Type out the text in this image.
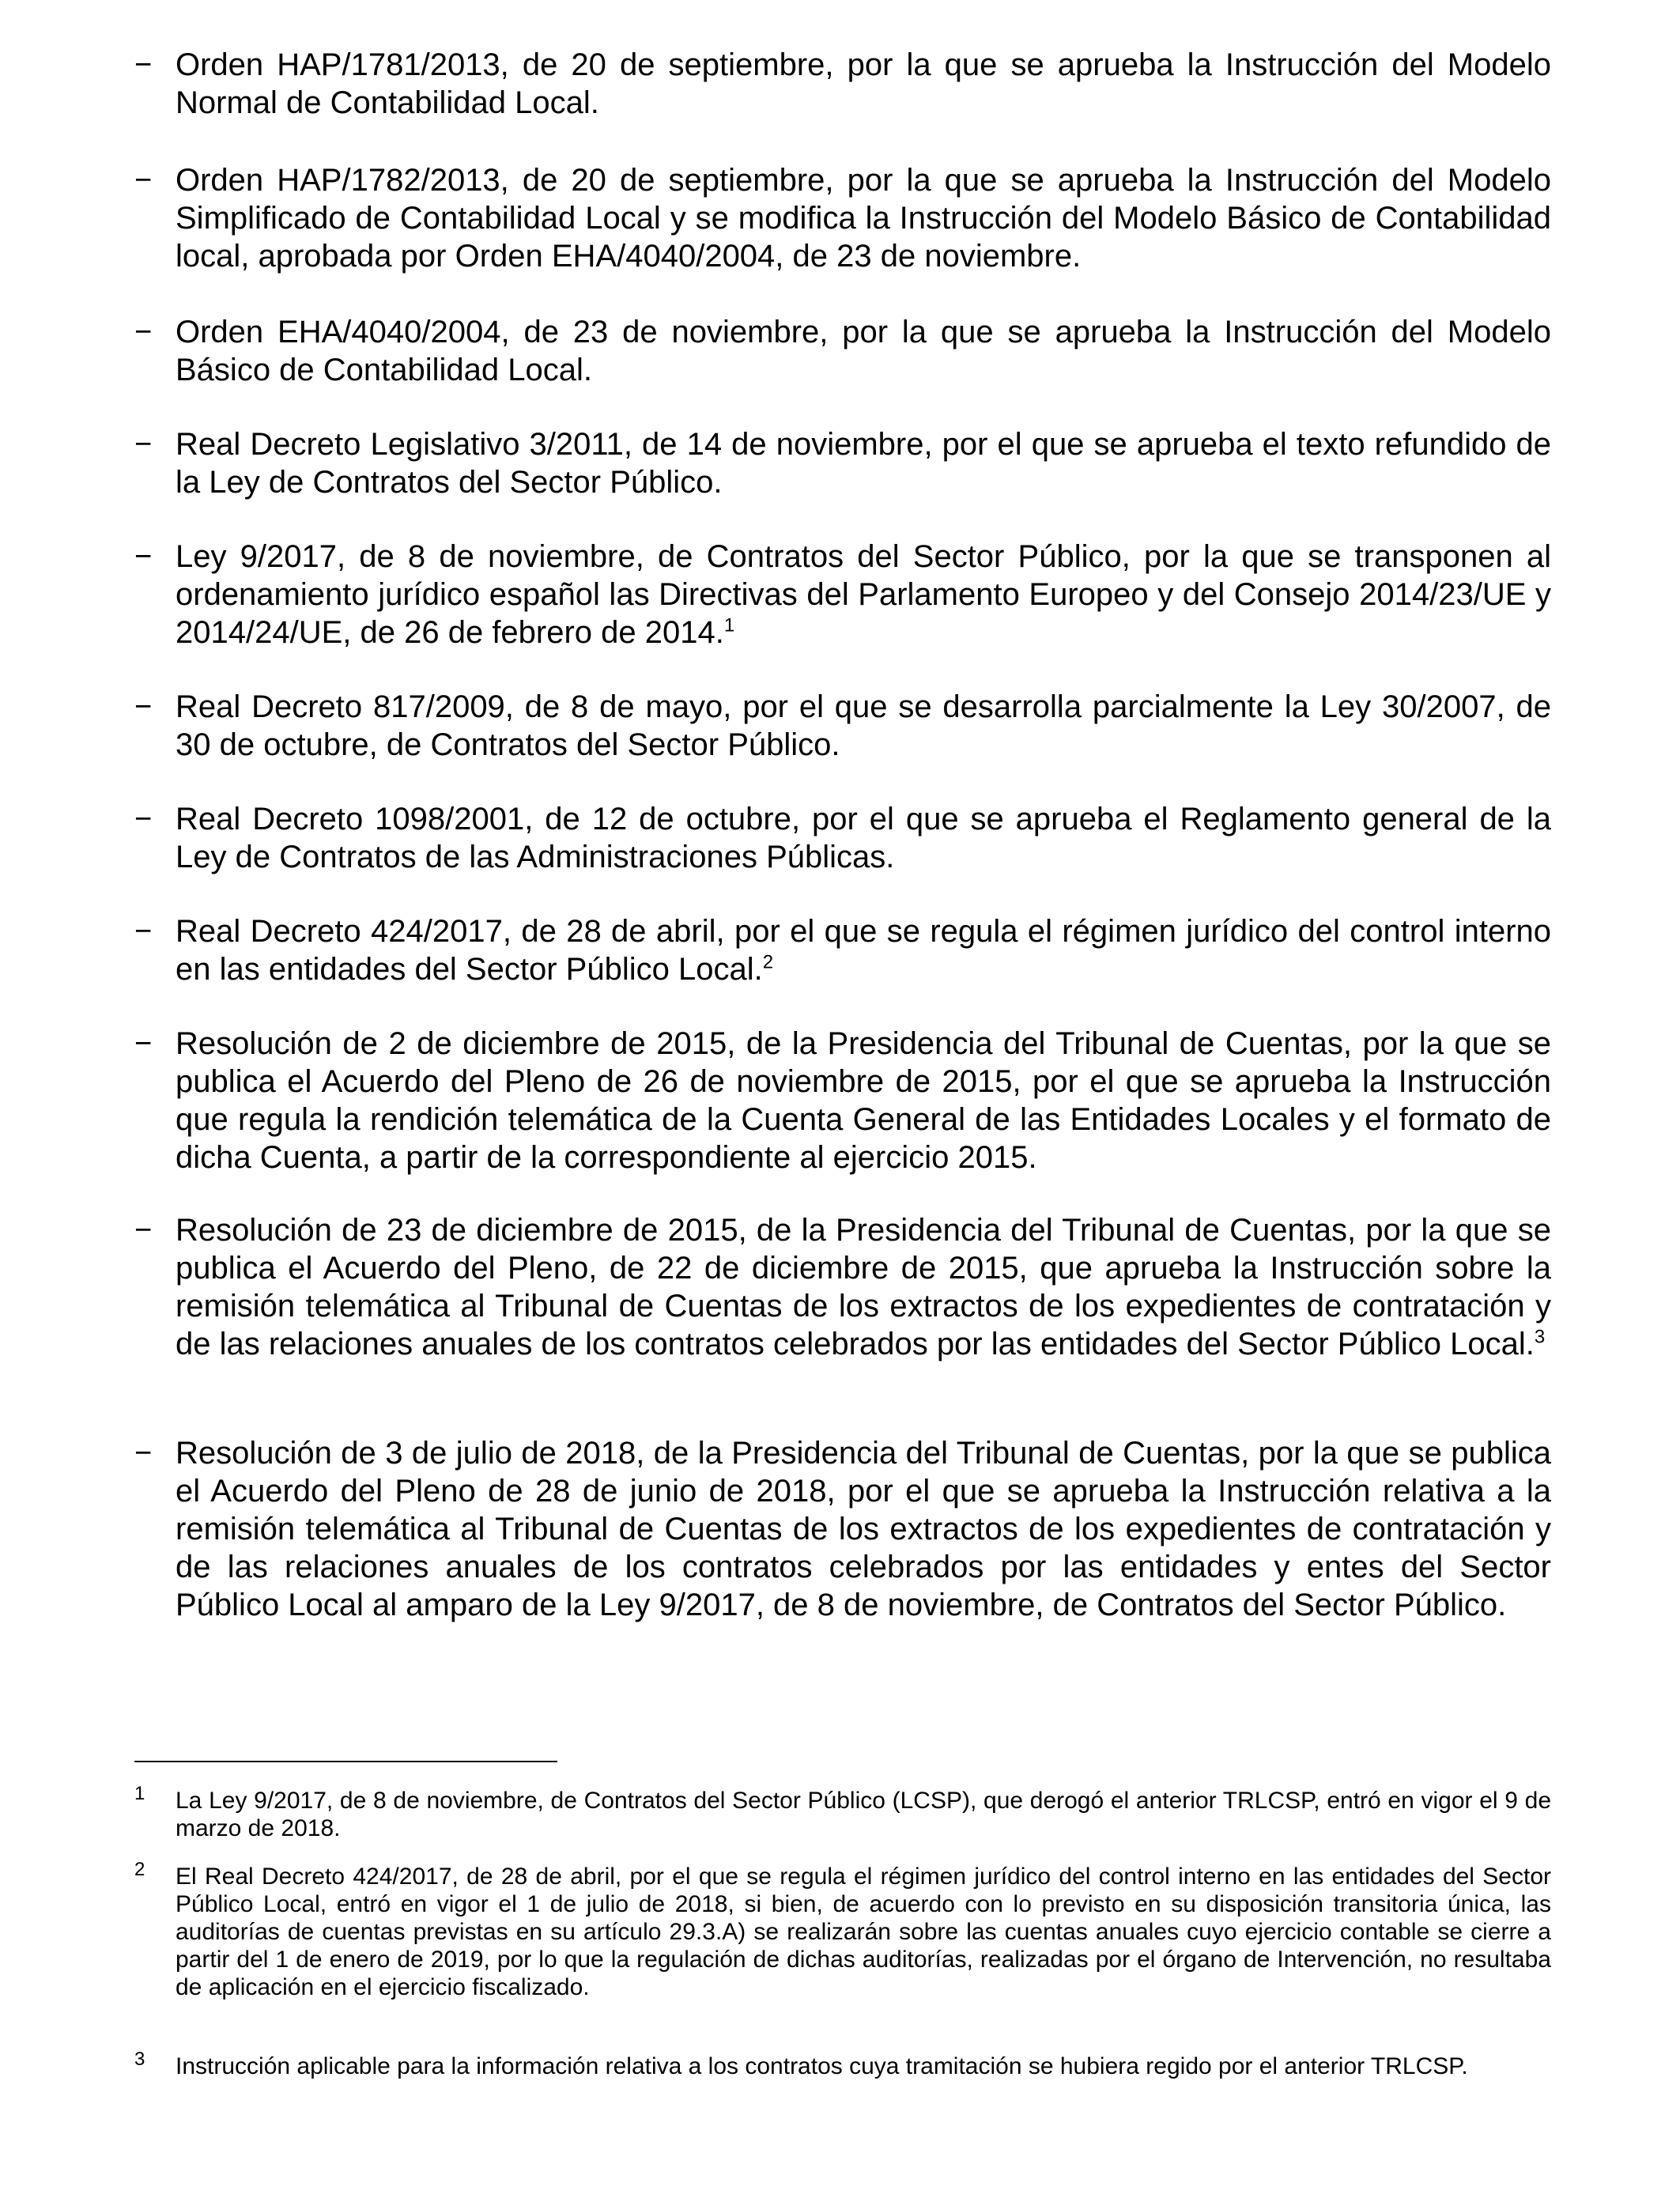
− Orden HAP/1781/2013, de 20 de septiembre, por la que se aprueba la Instrucción del Modelo Normal de Contabilidad Local.
− Orden HAP/1782/2013, de 20 de septiembre, por la que se aprueba la Instrucción del Modelo Simplificado de Contabilidad Local y se modifica la Instrucción del Modelo Básico de Contabilidad local, aprobada por Orden EHA/4040/2004, de 23 de noviembre.
− Orden EHA/4040/2004, de 23 de noviembre, por la que se aprueba la Instrucción del Modelo Básico de Contabilidad Local.
− Real Decreto Legislativo 3/2011, de 14 de noviembre, por el que se aprueba el texto refundido de la Ley de Contratos del Sector Público.
− Ley 9/2017, de 8 de noviembre, de Contratos del Sector Público, por la que se transponen al ordenamiento jurídico español las Directivas del Parlamento Europeo y del Consejo 2014/23/UE y 2014/24/UE, de 26 de febrero de 2014.$^1$
− Real Decreto 817/2009, de 8 de mayo, por el que se desarrolla parcialmente la Ley 30/2007, de 30 de octubre, de Contratos del Sector Público.
− Real Decreto 1098/2001, de 12 de octubre, por el que se aprueba el Reglamento general de la Ley de Contratos de las Administraciones Públicas.
− Real Decreto 424/2017, de 28 de abril, por el que se regula el régimen jurídico del control interno en las entidades del Sector Público Local.$^2$
− Resolución de 2 de diciembre de 2015, de la Presidencia del Tribunal de Cuentas, por la que se publica el Acuerdo del Pleno de 26 de noviembre de 2015, por el que se aprueba la Instrucción que regula la rendición telemática de la Cuenta General de las Entidades Locales y el formato de dicha Cuenta, a partir de la correspondiente al ejercicio 2015.
− Resolución de 23 de diciembre de 2015, de la Presidencia del Tribunal de Cuentas, por la que se publica el Acuerdo del Pleno, de 22 de diciembre de 2015, que aprueba la Instrucción sobre la remisión telemática al Tribunal de Cuentas de los extractos de los expedientes de contratación y de las relaciones anuales de los contratos celebrados por las entidades del Sector Público Local.$^3$
− Resolución de 3 de julio de 2018, de la Presidencia del Tribunal de Cuentas, por la que se publica el Acuerdo del Pleno de 28 de junio de 2018, por el que se aprueba la Instrucción relativa a la remisión telemática al Tribunal de Cuentas de los extractos de los expedientes de contratación y de las relaciones anuales de los contratos celebrados por las entidades y entes del Sector Público Local al amparo de la Ley 9/2017, de 8 de noviembre, de Contratos del Sector Público.
1 La Ley 9/2017, de 8 de noviembre, de Contratos del Sector Público (LCSP), que derogó el anterior TRLCSP, entró en vigor el 9 de marzo de 2018.
2 El Real Decreto 424/2017, de 28 de abril, por el que se regula el régimen jurídico del control interno en las entidades del Sector Público Local, entró en vigor el 1 de julio de 2018, si bien, de acuerdo con lo previsto en su disposición transitoria única, las auditorías de cuentas previstas en su artículo 29.3.A) se realizarán sobre las cuentas anuales cuyo ejercicio contable se cierre a partir del 1 de enero de 2019, por lo que la regulación de dichas auditorías, realizadas por el órgano de Intervención, no resultaba de aplicación en el ejercicio fiscalizado.
3 Instrucción aplicable para la información relativa a los contratos cuya tramitación se hubiera regido por el anterior TRLCSP.
